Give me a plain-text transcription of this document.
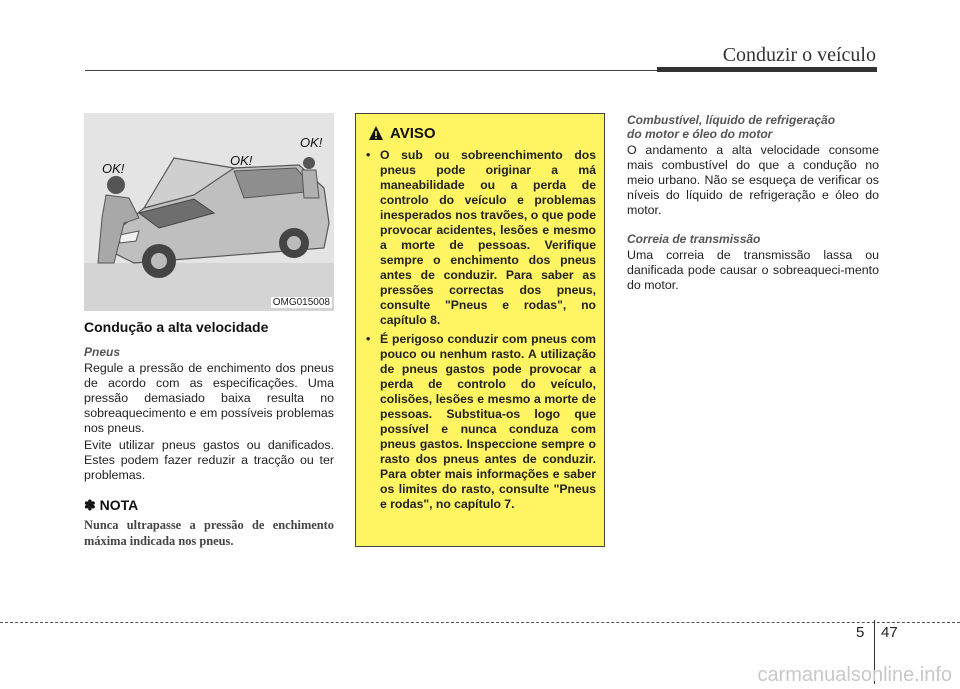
Conduzir o veículo
OK!
OK!
OK!
OMG015008
Condução a alta velocidade
Pneus

Regule a pressão de enchimento dos pneus de acordo com as especificações. Uma pressão demasiado baixa resulta no sobreaquecimento e em possíveis problemas nos pneus.

Evite utilizar pneus gastos ou danificados. Estes podem fazer reduzir a tracção ou ter problemas.

✽ NOTA

Nunca ultrapasse a pressão de enchimento máxima indicada nos pneus.

AVISO
• O sub ou sobreenchimento dos pneus pode originar a má maneabilidade ou a perda de controlo do veículo e problemas inesperados nos travões, o que pode provocar acidentes, lesões e mesmo a morte de pessoas. Verifique sempre o enchimento dos pneus antes de conduzir. Para saber as pressões correctas dos pneus, consulte "Pneus e rodas", no capítulo 8.
• É perigoso conduzir com pneus com pouco ou nenhum rasto. A utilização de pneus gastos pode provocar a perda de controlo do veículo, colisões, lesões e mesmo a morte de pessoas. Substitua-os logo que possível e nunca conduza com pneus gastos. Inspeccione sempre o rasto dos pneus antes de conduzir. Para obter mais informações e saber os limites do rasto, consulte "Pneus e rodas", no capítulo 7.
Combustível, líquido de refrigeração
do motor e óleo do motor

O andamento a alta velocidade consome mais combustível do que a condução no meio urbano. Não se esqueça de verificar os níveis do líquido de refrigeração e óleo do motor.

Correia de transmissão

Uma correia de transmissão lassa ou danificada pode causar o sobreaqueci-mento do motor.

5 47
carmanualsonline.info
